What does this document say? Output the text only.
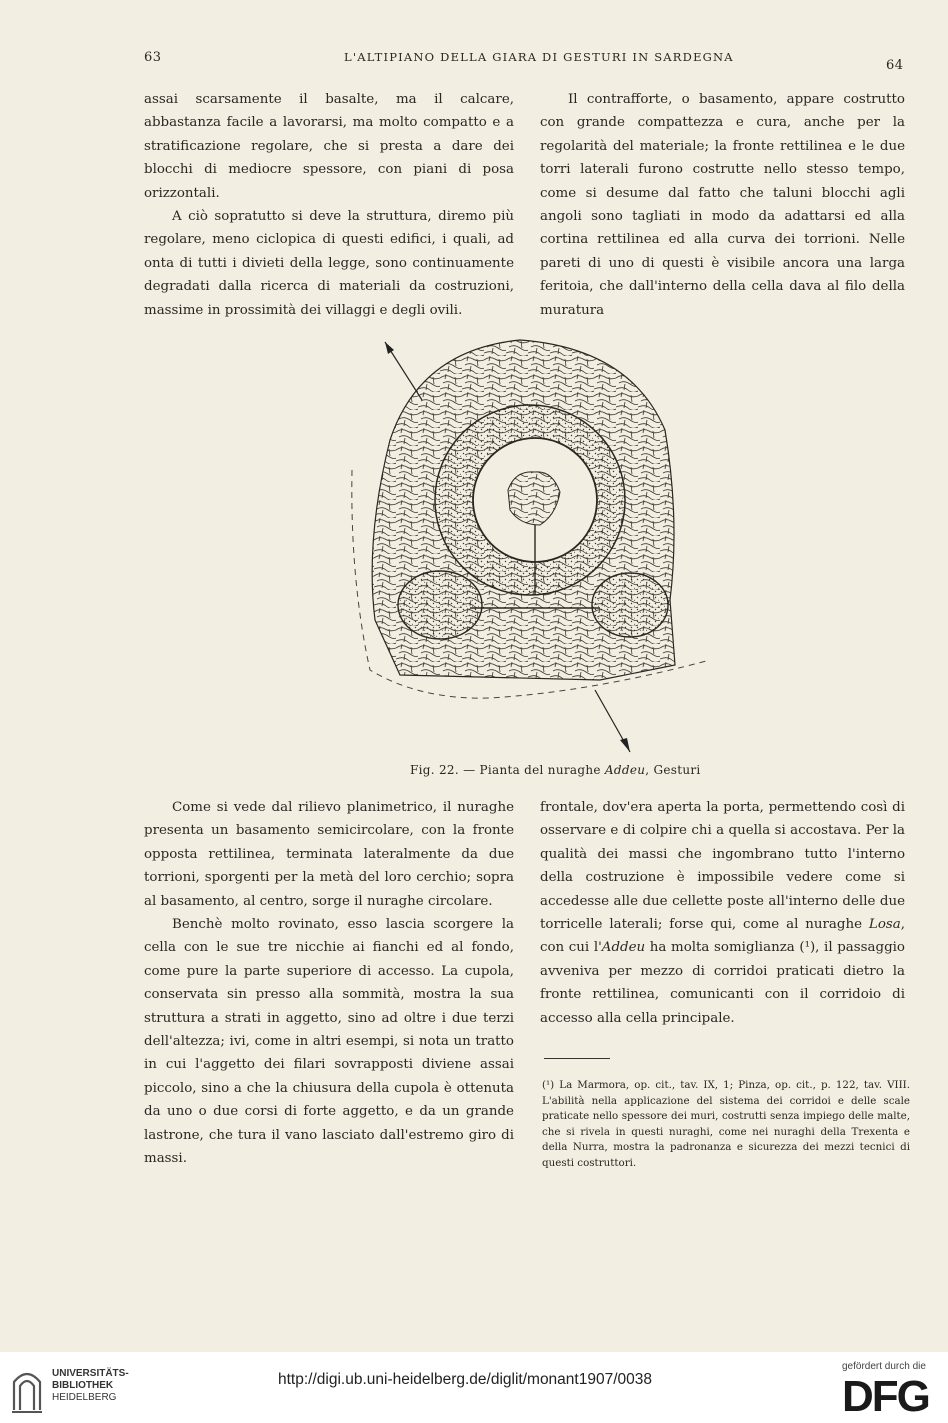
63	L'ALTIPIANO DELLA GIARA DI GESTURI IN SARDEGNA
64

assai scarsamente il basalte, ma il calcare, abbastanza facile a lavorarsi, ma molto compatto e a stratificazione regolare, che si presta a dare dei blocchi di mediocre spessore, con piani di posa orizzontali.

A ciò sopratutto si deve la struttura, diremo più regolare, meno ciclopica di questi edifici, i quali, ad onta di tutti i divieti della legge, sono continuamente degradati dalla ricerca di materiali da costruzioni, massime in prossimità dei villaggi e degli ovili.

Il contrafforte, o basamento, appare costrutto con grande compattezza e cura, anche per la regolarità del materiale; la fronte rettilinea e le due torri laterali furono costrutte nello stesso tempo, come si desume dal fatto che taluni blocchi agli angoli sono tagliati in modo da adattarsi ed alla cortina rettilinea ed alla curva dei torrioni. Nelle pareti di uno di questi è visibile ancora una larga feritoia, che dall'interno della cella dava al filo della muratura

Fig. 22. — Pianta del nuraghe Addeu, Gesturi

Come si vede dal rilievo planimetrico, il nuraghe presenta un basamento semicircolare, con la fronte opposta rettilinea, terminata lateralmente da due torrioni, sporgenti per la metà del loro cerchio; sopra al basamento, al centro, sorge il nuraghe circolare.

Benchè molto rovinato, esso lascia scorgere la cella con le sue tre nicchie ai fianchi ed al fondo, come pure la parte superiore di accesso. La cupola, conservata sin presso alla sommità, mostra la sua struttura a strati in aggetto, sino ad oltre i due terzi dell'altezza; ivi, come in altri esempi, si nota un tratto in cui l'aggetto dei filari sovrapposti diviene assai piccolo, sino a che la chiusura della cupola è ottenuta da uno o due corsi di forte aggetto, e da un grande lastrone, che tura il vano lasciato dall'estremo giro di massi.

frontale, dov'era aperta la porta, permettendo così di osservare e di colpire chi a quella si accostava. Per la qualità dei massi che ingombrano tutto l'interno della costruzione è impossibile vedere come si accedesse alle due cellette poste all'interno delle due torricelle laterali; forse qui, come al nuraghe Losa, con cui l'Addeu ha molta somiglianza (¹), il passaggio avveniva per mezzo di corridoi praticati dietro la fronte rettilinea, comunicanti con il corridoio di accesso alla cella principale.

(¹) La Marmora, op. cit., tav. IX, 1; Pinza, op. cit., p. 122, tav. VIII. L'abilità nella applicazione del sistema dei corridoi e delle scale praticate nello spessore dei muri, costrutti senza impiego delle malte, che si rivela in questi nuraghi, come nei nuraghi della Trexenta e della Nurra, mostra la padronanza e sicurezza dei mezzi tecnici di questi costruttori.

UNIVERSITÄTS-
BIBLIOTHEK
HEIDELBERG
http://digi.ub.uni-heidelberg.de/diglit/monant1907/0038
gefördert durch die
DFG
